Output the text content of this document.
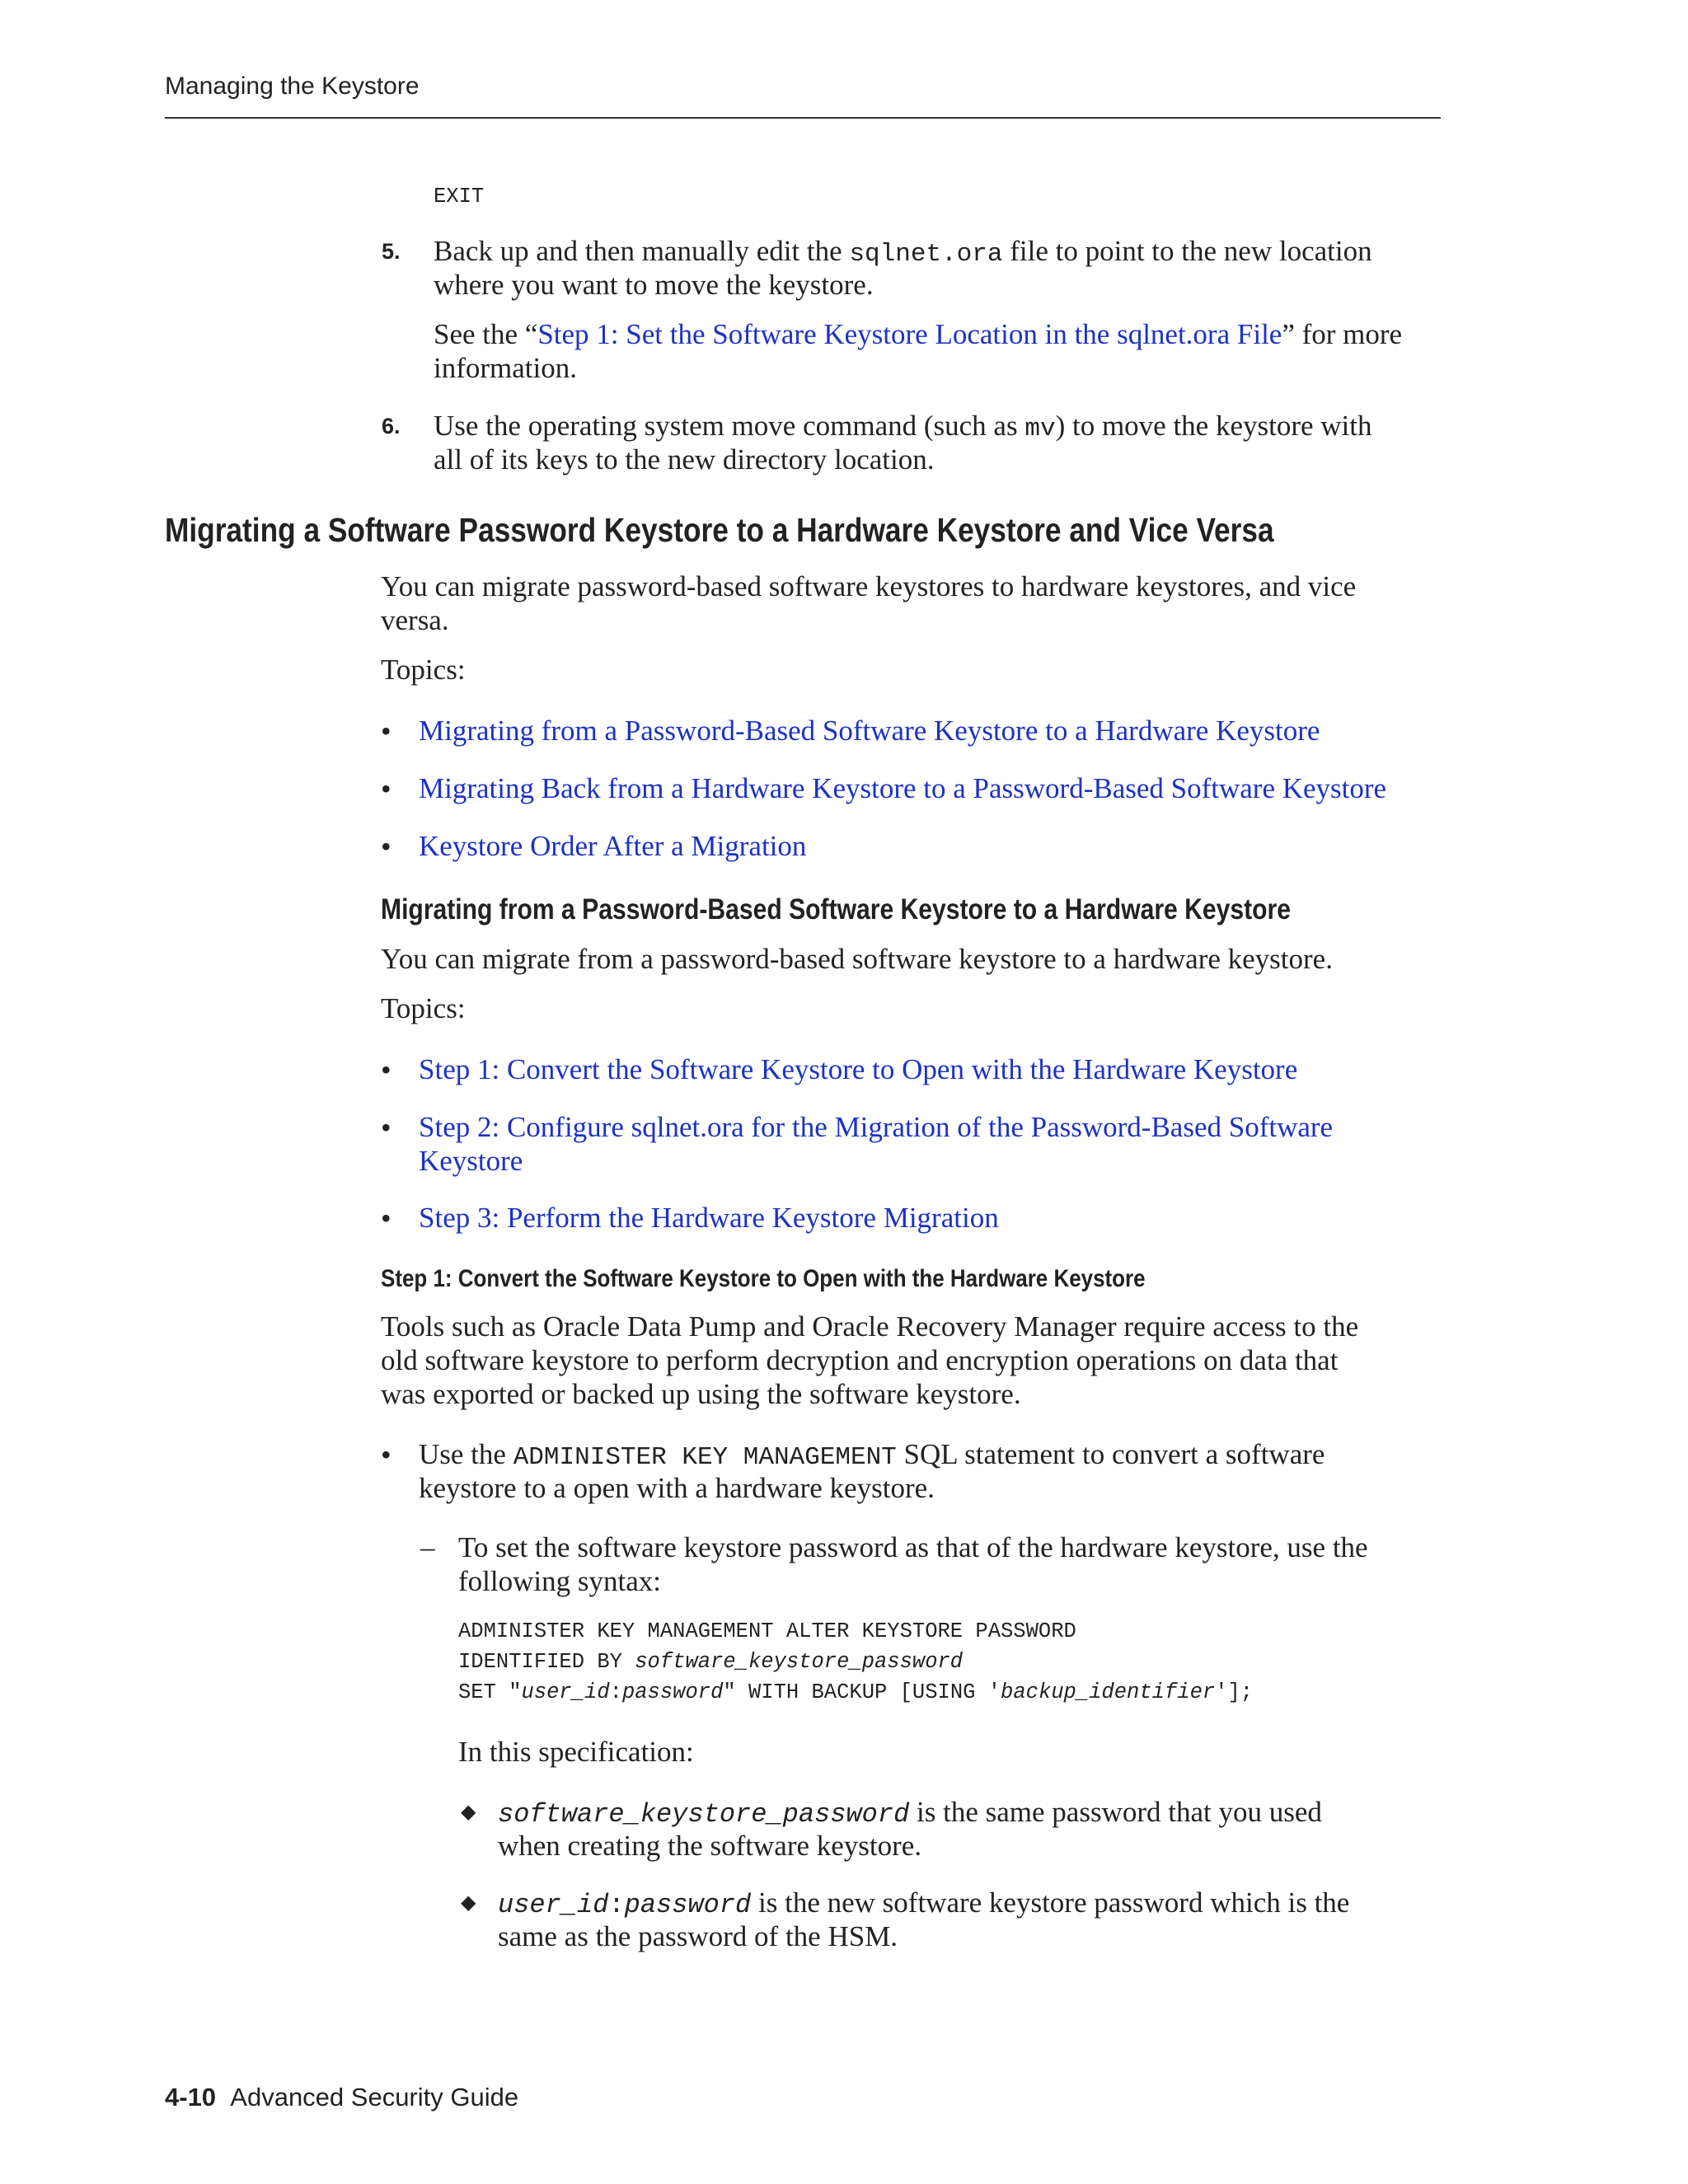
Managing the Keystore
EXIT
5. Back up and then manually edit the sqlnet.ora file to point to the new location
where you want to move the keystore.
See the “Step 1: Set the Software Keystore Location in the sqlnet.ora File” for more
information.
6. Use the operating system move command (such as mv) to move the keystore with
all of its keys to the new directory location.
Migrating a Software Password Keystore to a Hardware Keystore and Vice Versa
You can migrate password-based software keystores to hardware keystores, and vice
versa.
Topics:
• Migrating from a Password-Based Software Keystore to a Hardware Keystore
• Migrating Back from a Hardware Keystore to a Password-Based Software Keystore
• Keystore Order After a Migration
Migrating from a Password-Based Software Keystore to a Hardware Keystore
You can migrate from a password-based software keystore to a hardware keystore.
Topics:
• Step 1: Convert the Software Keystore to Open with the Hardware Keystore
• Step 2: Configure sqlnet.ora for the Migration of the Password-Based Software
Keystore
• Step 3: Perform the Hardware Keystore Migration
Step 1: Convert the Software Keystore to Open with the Hardware Keystore
Tools such as Oracle Data Pump and Oracle Recovery Manager require access to the
old software keystore to perform decryption and encryption operations on data that
was exported or backed up using the software keystore.
• Use the ADMINISTER KEY MANAGEMENT SQL statement to convert a software
keystore to a open with a hardware keystore.
– To set the software keystore password as that of the hardware keystore, use the
following syntax:
ADMINISTER KEY MANAGEMENT ALTER KEYSTORE PASSWORD
IDENTIFIED BY software_keystore_password
SET "user_id:password" WITH BACKUP [USING 'backup_identifier'];
In this specification:
◆ software_keystore_password is the same password that you used
when creating the software keystore.
◆ user_id:password is the new software keystore password which is the
same as the password of the HSM.
4-10 Advanced Security Guide
